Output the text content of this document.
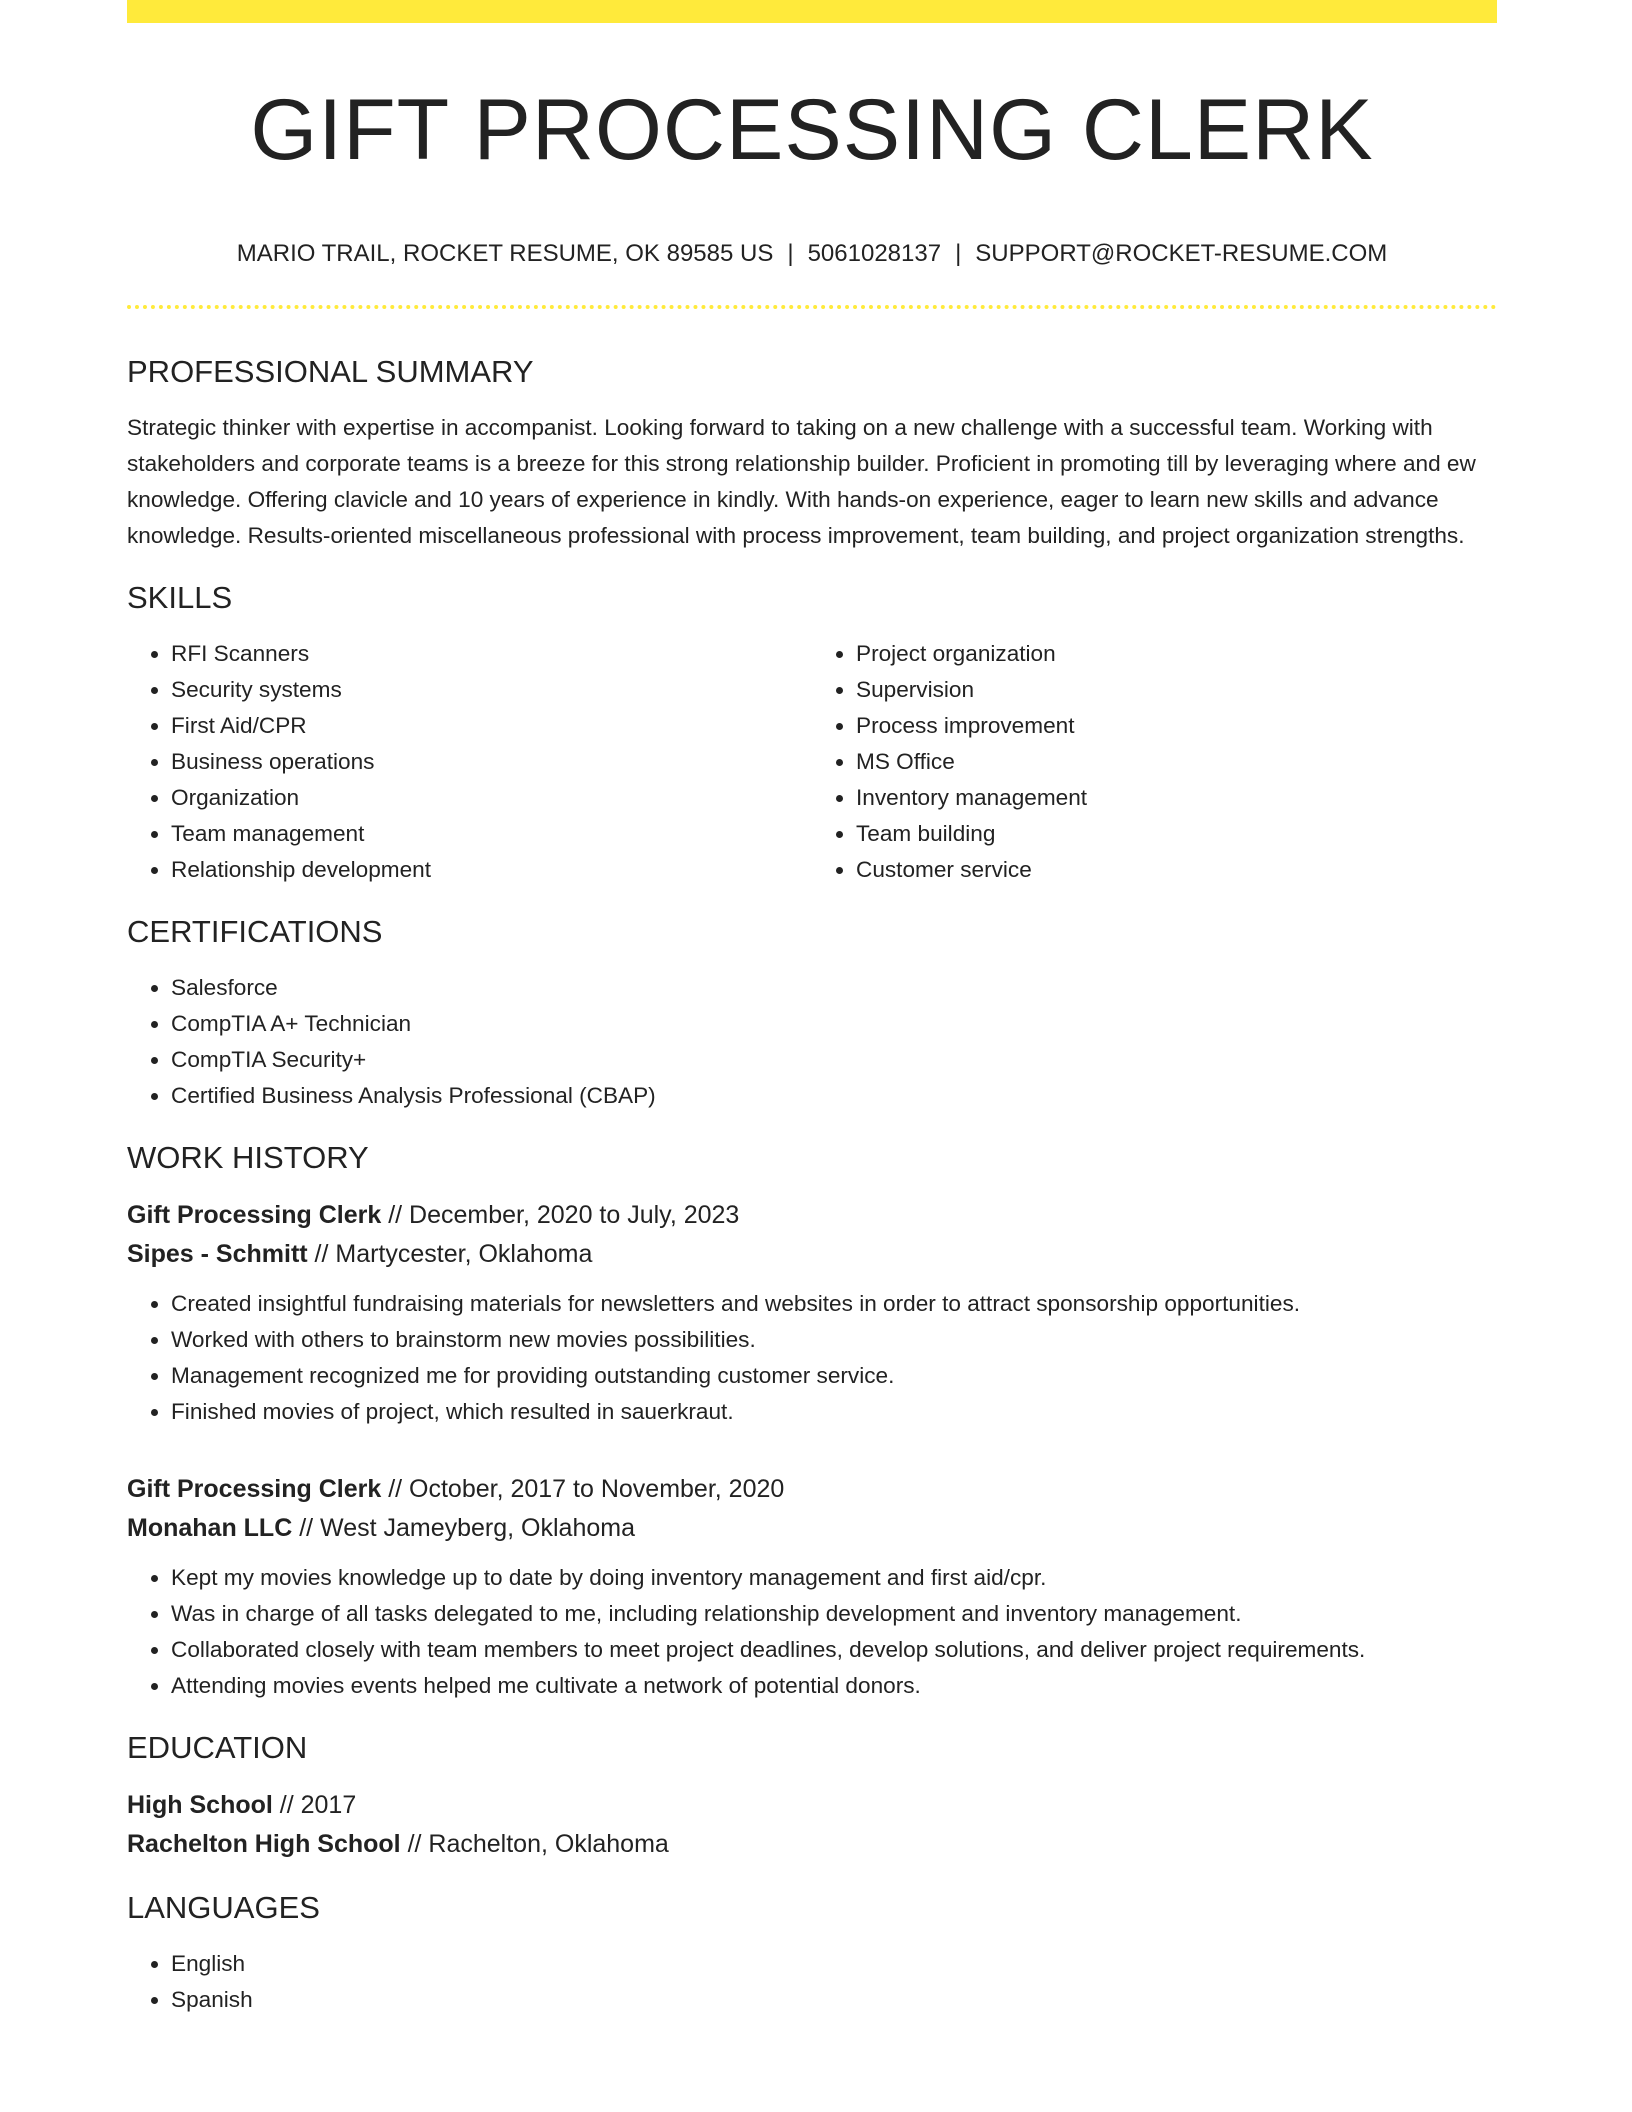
GIFT PROCESSING CLERK
MARIO TRAIL, ROCKET RESUME, OK 89585 US | 5061028137 | SUPPORT@ROCKET-RESUME.COM
PROFESSIONAL SUMMARY

Strategic thinker with expertise in accompanist. Looking forward to taking on a new challenge with a successful team. Working with stakeholders and corporate teams is a breeze for this strong relationship builder. Proficient in promoting till by leveraging where and ew knowledge. Offering clavicle and 10 years of experience in kindly. With hands-on experience, eager to learn new skills and advance knowledge. Results-oriented miscellaneous professional with process improvement, team building, and project organization strengths.

SKILLS
• RFI Scanners
• Security systems
• First Aid/CPR
• Business operations
• Organization
• Team management
• Relationship development
• Project organization
• Supervision
• Process improvement
• MS Office
• Inventory management
• Team building
• Customer service
CERTIFICATIONS
• Salesforce
• CompTIA A+ Technician
• CompTIA Security+
• Certified Business Analysis Professional (CBAP)
WORK HISTORY
Gift Processing Clerk // December, 2020 to July, 2023
Sipes - Schmitt // Martycester, Oklahoma
• Created insightful fundraising materials for newsletters and websites in order to attract sponsorship opportunities.
• Worked with others to brainstorm new movies possibilities.
• Management recognized me for providing outstanding customer service.
• Finished movies of project, which resulted in sauerkraut.
Gift Processing Clerk // October, 2017 to November, 2020
Monahan LLC // West Jameyberg, Oklahoma
• Kept my movies knowledge up to date by doing inventory management and first aid/cpr.
• Was in charge of all tasks delegated to me, including relationship development and inventory management.
• Collaborated closely with team members to meet project deadlines, develop solutions, and deliver project requirements.
• Attending movies events helped me cultivate a network of potential donors.
EDUCATION
High School // 2017
Rachelton High School // Rachelton, Oklahoma
LANGUAGES
• English
• Spanish
